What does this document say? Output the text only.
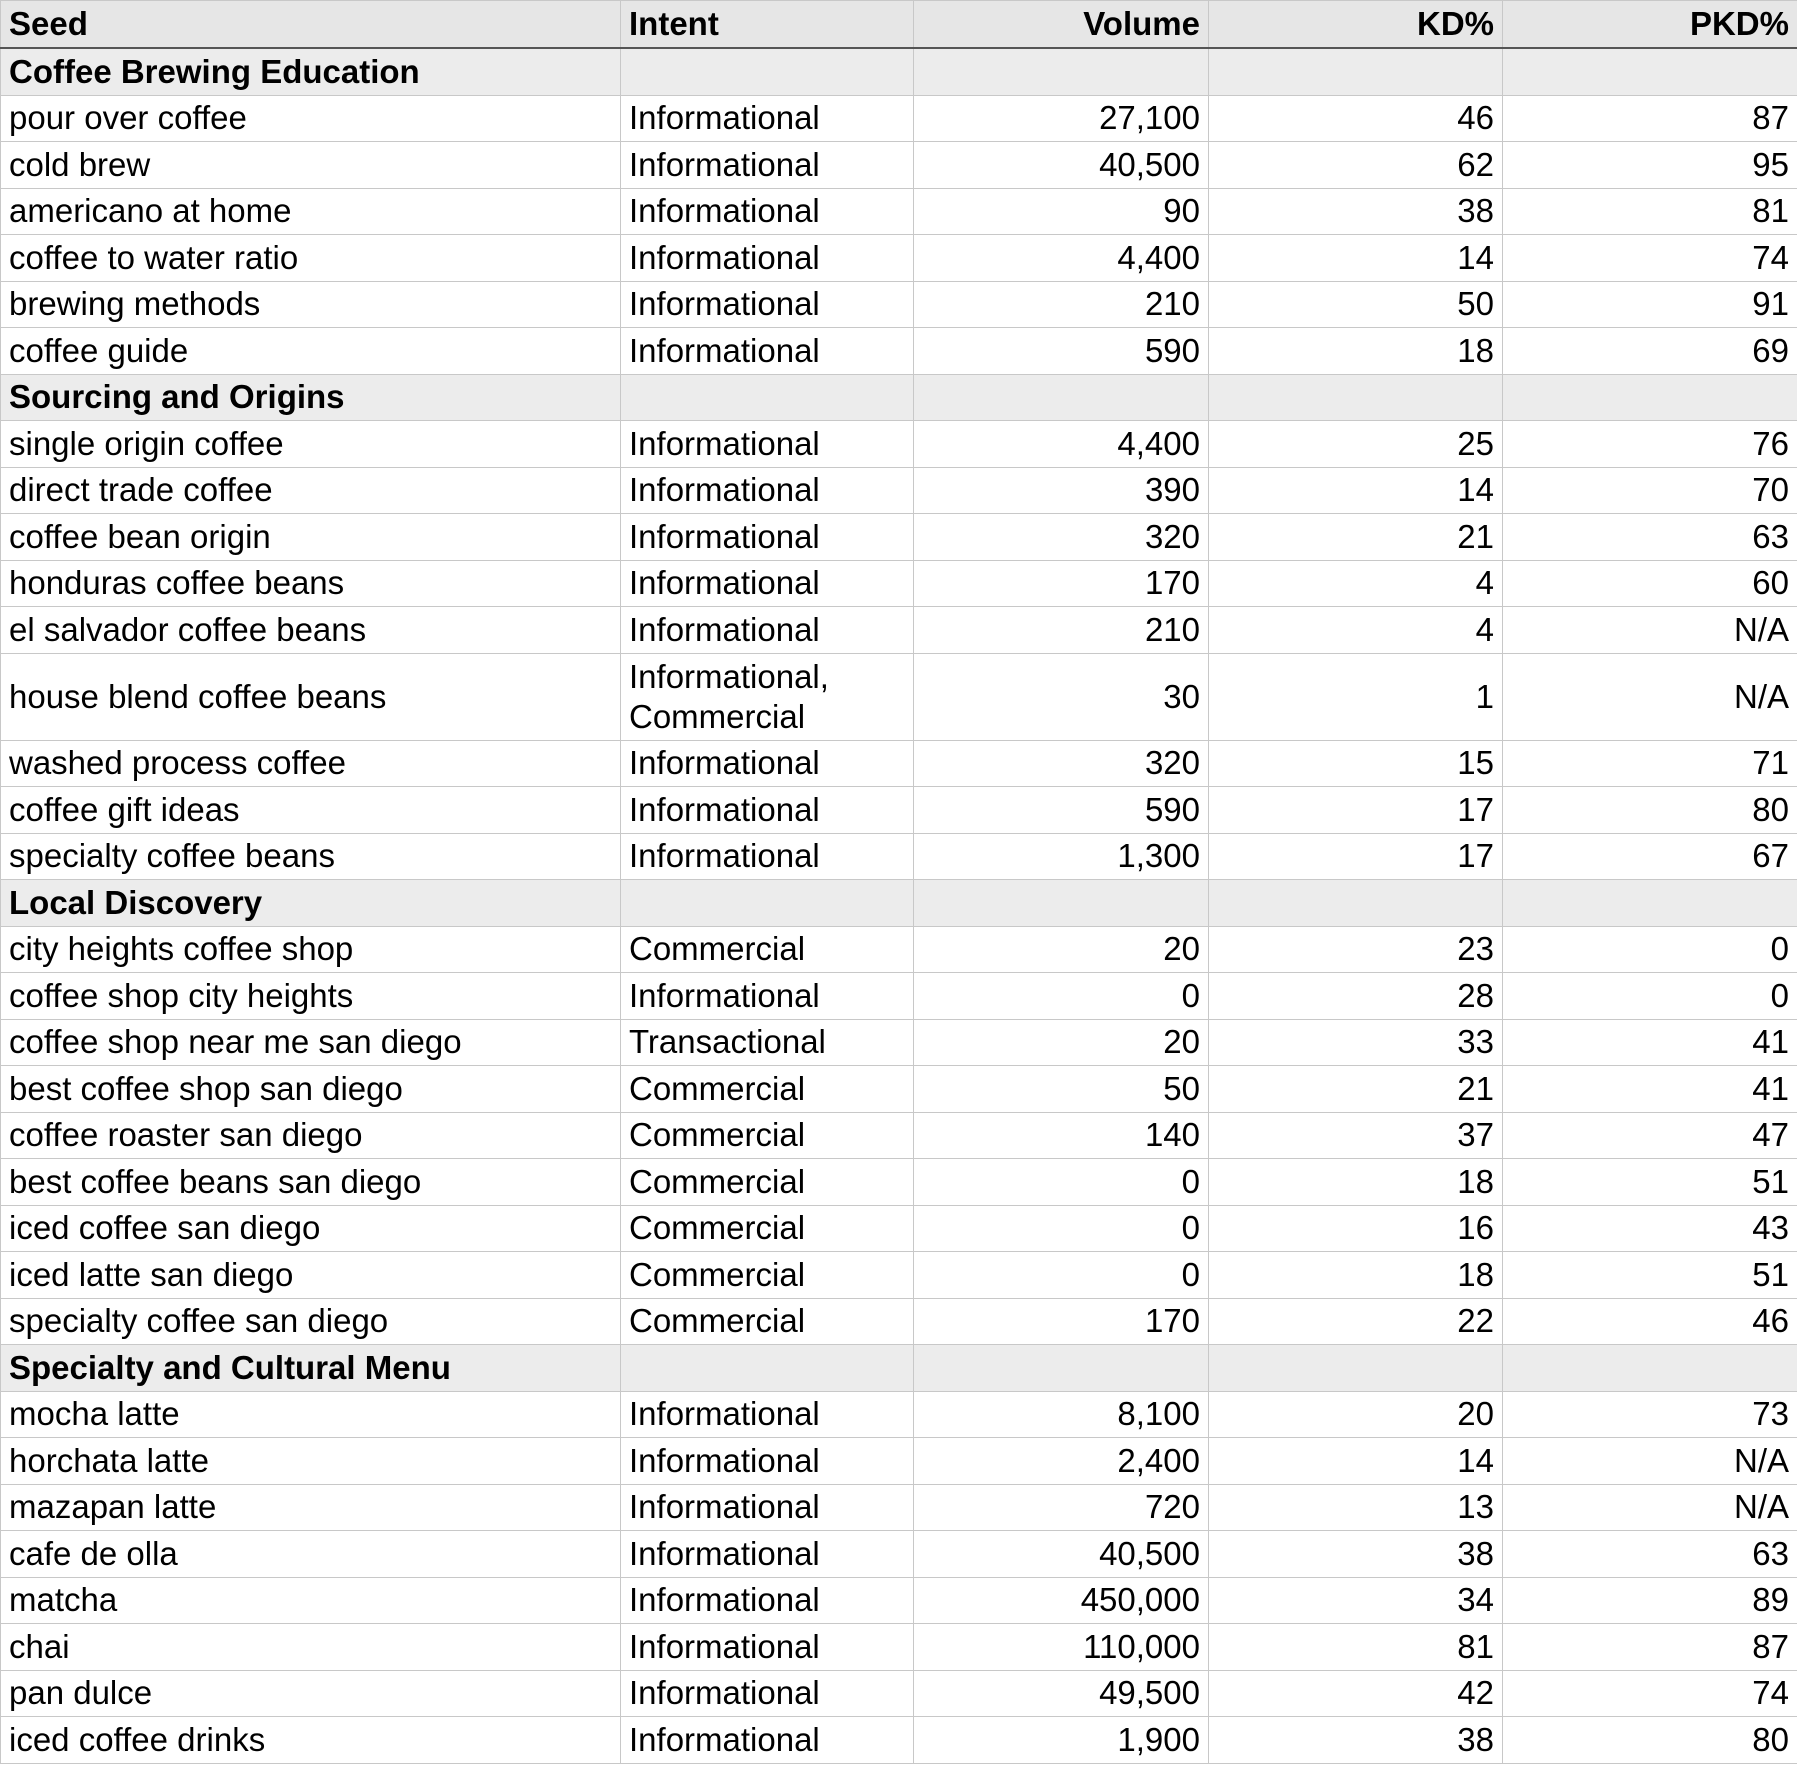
Seed	Intent	Volume	KD%	PKD%
Coffee Brewing Education				
pour over coffee	Informational	27,100	46	87
cold brew	Informational	40,500	62	95
americano at home	Informational	90	38	81
coffee to water ratio	Informational	4,400	14	74
brewing methods	Informational	210	50	91
coffee guide	Informational	590	18	69
Sourcing and Origins				
single origin coffee	Informational	4,400	25	76
direct trade coffee	Informational	390	14	70
coffee bean origin	Informational	320	21	63
honduras coffee beans	Informational	170	4	60
el salvador coffee beans	Informational	210	4	N/A
house blend coffee beans	Informational, Commercial	30	1	N/A
washed process coffee	Informational	320	15	71
coffee gift ideas	Informational	590	17	80
specialty coffee beans	Informational	1,300	17	67
Local Discovery				
city heights coffee shop	Commercial	20	23	0
coffee shop city heights	Informational	0	28	0
coffee shop near me san diego	Transactional	20	33	41
best coffee shop san diego	Commercial	50	21	41
coffee roaster san diego	Commercial	140	37	47
best coffee beans san diego	Commercial	0	18	51
iced coffee san diego	Commercial	0	16	43
iced latte san diego	Commercial	0	18	51
specialty coffee san diego	Commercial	170	22	46
Specialty and Cultural Menu				
mocha latte	Informational	8,100	20	73
horchata latte	Informational	2,400	14	N/A
mazapan latte	Informational	720	13	N/A
cafe de olla	Informational	40,500	38	63
matcha	Informational	450,000	34	89
chai	Informational	110,000	81	87
pan dulce	Informational	49,500	42	74
iced coffee drinks	Informational	1,900	38	80
